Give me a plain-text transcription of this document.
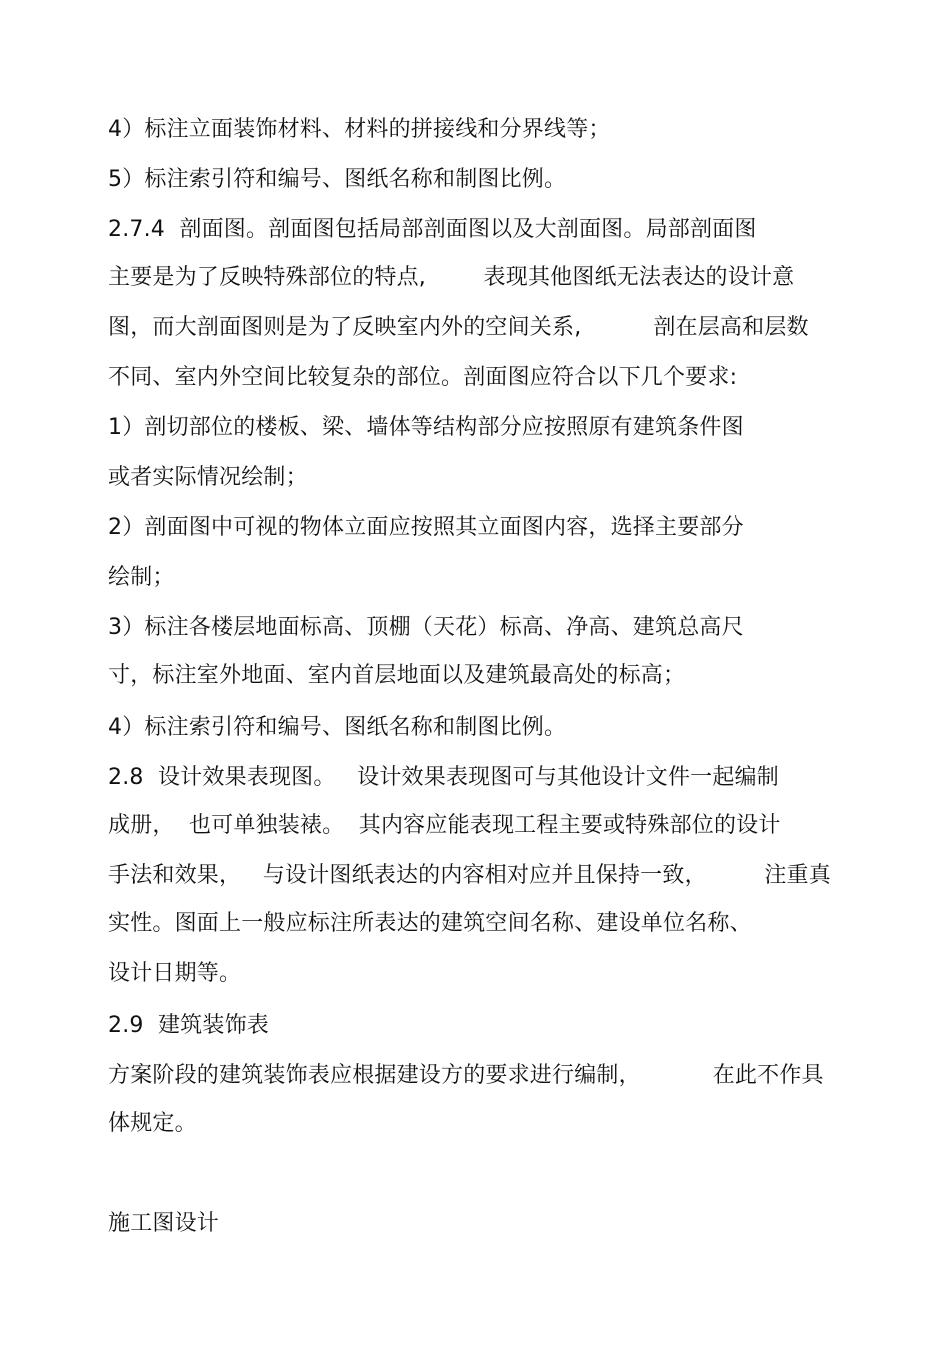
4）标注立面装饰材料、材料的拼接线和分界线等；
5）标注索引符和编号、图纸名称和制图比例。
2.7.4  剖面图。剖面图包括局部剖面图以及大剖面图。局部剖面图
主要是为了反映特殊部位的特点,        表现其他图纸无法表达的设计意
图，而大剖面图则是为了反映室内外的空间关系,          剖在层高和层数
不同、室内外空间比较复杂的部位。剖面图应符合以下几个要求:
1）剖切部位的楼板、梁、墙体等结构部分应按照原有建筑条件图
或者实际情况绘制；
2）剖面图中可视的物体立面应按照其立面图内容，选择主要部分
绘制；
3）标注各楼层地面标高、顶棚（天花）标高、净高、建筑总高尺
寸，标注室外地面、室内首层地面以及建筑最高处的标高；
4）标注索引符和编号、图纸名称和制图比例。
2.8  设计效果表现图。   设计效果表现图可与其他设计文件一起编制
成册，  也可单独装裱。  其内容应能表现工程主要或特殊部位的设计
手法和效果，   与设计图纸表达的内容相对应并且保持一致，        注重真
实性。图面上一般应标注所表达的建筑空间名称、建设单位名称、
设计日期等。
2.9  建筑装饰表
方案阶段的建筑装饰表应根据建设方的要求进行编制，          在此不作具
体规定。
施工图设计
